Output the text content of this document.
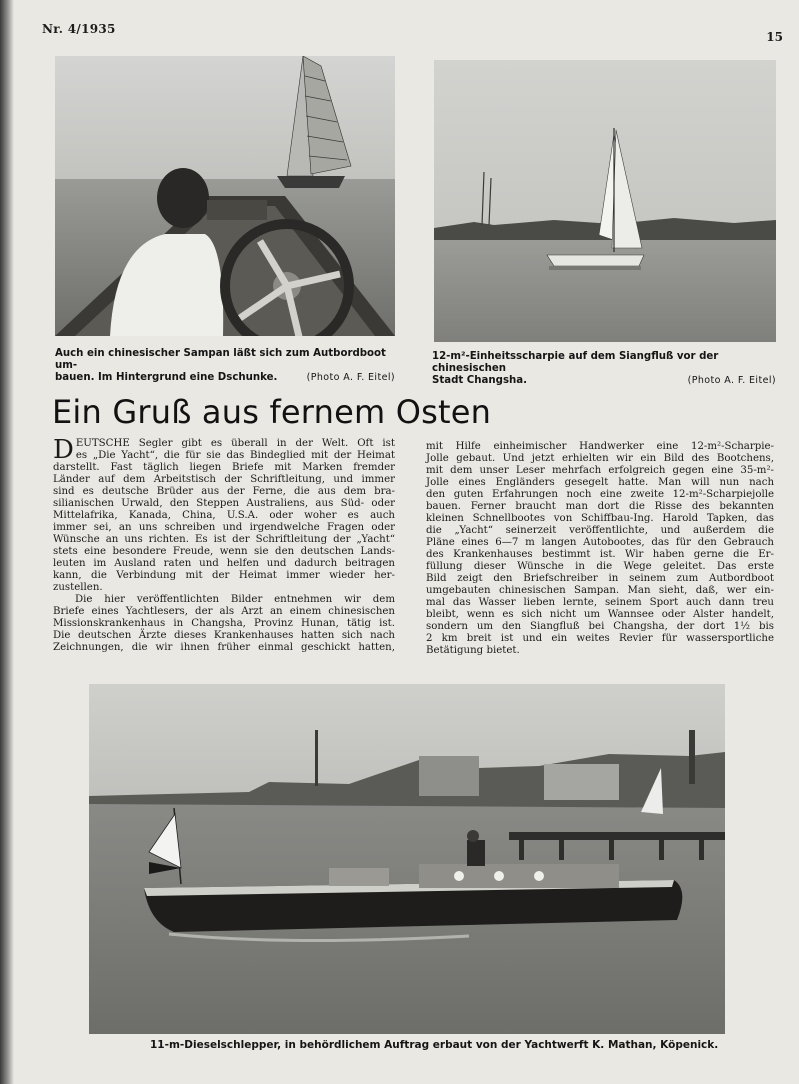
Nr. 4/1935
15
Auch ein chinesischer Sampan läßt sich zum Autbordboot um-
bauen. Im Hintergrund eine Dschunke.	(Photo A. F. Eitel)
12-m²-Einheitsscharpie auf dem Siangfluß vor der chinesischen
Stadt Changsha.	(Photo A. F. Eitel)
Ein Gruß aus fernem Osten
D EUTSCHE Segler gibt es überall in der Welt. Oft ist
es „Die Yacht“, die für sie das Bindeglied mit der Heimat
darstellt. Fast täglich liegen Briefe mit Marken fremder
Länder auf dem Arbeitstisch der Schriftleitung, und immer
sind es deutsche Brüder aus der Ferne, die aus dem bra-
silianischen Urwald, den Steppen Australiens, aus Süd- oder
Mittelafrika, Kanada, China, U.S.A. oder woher es auch
immer sei, an uns schreiben und irgendwelche Fragen oder
Wünsche an uns richten. Es ist der Schriftleitung der „Yacht“
stets eine besondere Freude, wenn sie den deutschen Lands-
leuten im Ausland raten und helfen und dadurch beitragen
kann, die Verbindung mit der Heimat immer wieder her-
zustellen.
Die hier veröffentlichten Bilder entnehmen wir dem
Briefe eines Yachtlesers, der als Arzt an einem chinesischen
Missionskrankenhaus in Changsha, Provinz Hunan, tätig ist.
Die deutschen Ärzte dieses Krankenhauses hatten sich nach
Zeichnungen, die wir ihnen früher einmal geschickt hatten,
mit Hilfe einheimischer Handwerker eine 12-m²-Scharpie-
Jolle gebaut. Und jetzt erhielten wir ein Bild des Bootchens,
mit dem unser Leser mehrfach erfolgreich gegen eine 35-m²-
Jolle eines Engländers gesegelt hatte. Man will nun nach
den guten Erfahrungen noch eine zweite 12-m²-Scharpiejolle
bauen. Ferner braucht man dort die Risse des bekannten
kleinen Schnellbootes von Schiffbau-Ing. Harold Tapken, das
die „Yacht“ seinerzeit veröffentlichte, und außerdem die
Pläne eines 6—7 m langen Autobootes, das für den Gebrauch
des Krankenhauses bestimmt ist. Wir haben gerne die Er-
füllung dieser Wünsche in die Wege geleitet. Das erste
Bild zeigt den Briefschreiber in seinem zum Autbordboot
umgebauten chinesischen Sampan. Man sieht, daß, wer ein-
mal das Wasser lieben lernte, seinem Sport auch dann treu
bleibt, wenn es sich nicht um Wannsee oder Alster handelt,
sondern um den Siangfluß bei Changsha, der dort 1½ bis
2 km breit ist und ein weites Revier für wassersportliche
Betätigung bietet.
11-m-Dieselschlepper, in behördlichem Auftrag erbaut von der Yachtwerft K. Mathan, Köpenick.
